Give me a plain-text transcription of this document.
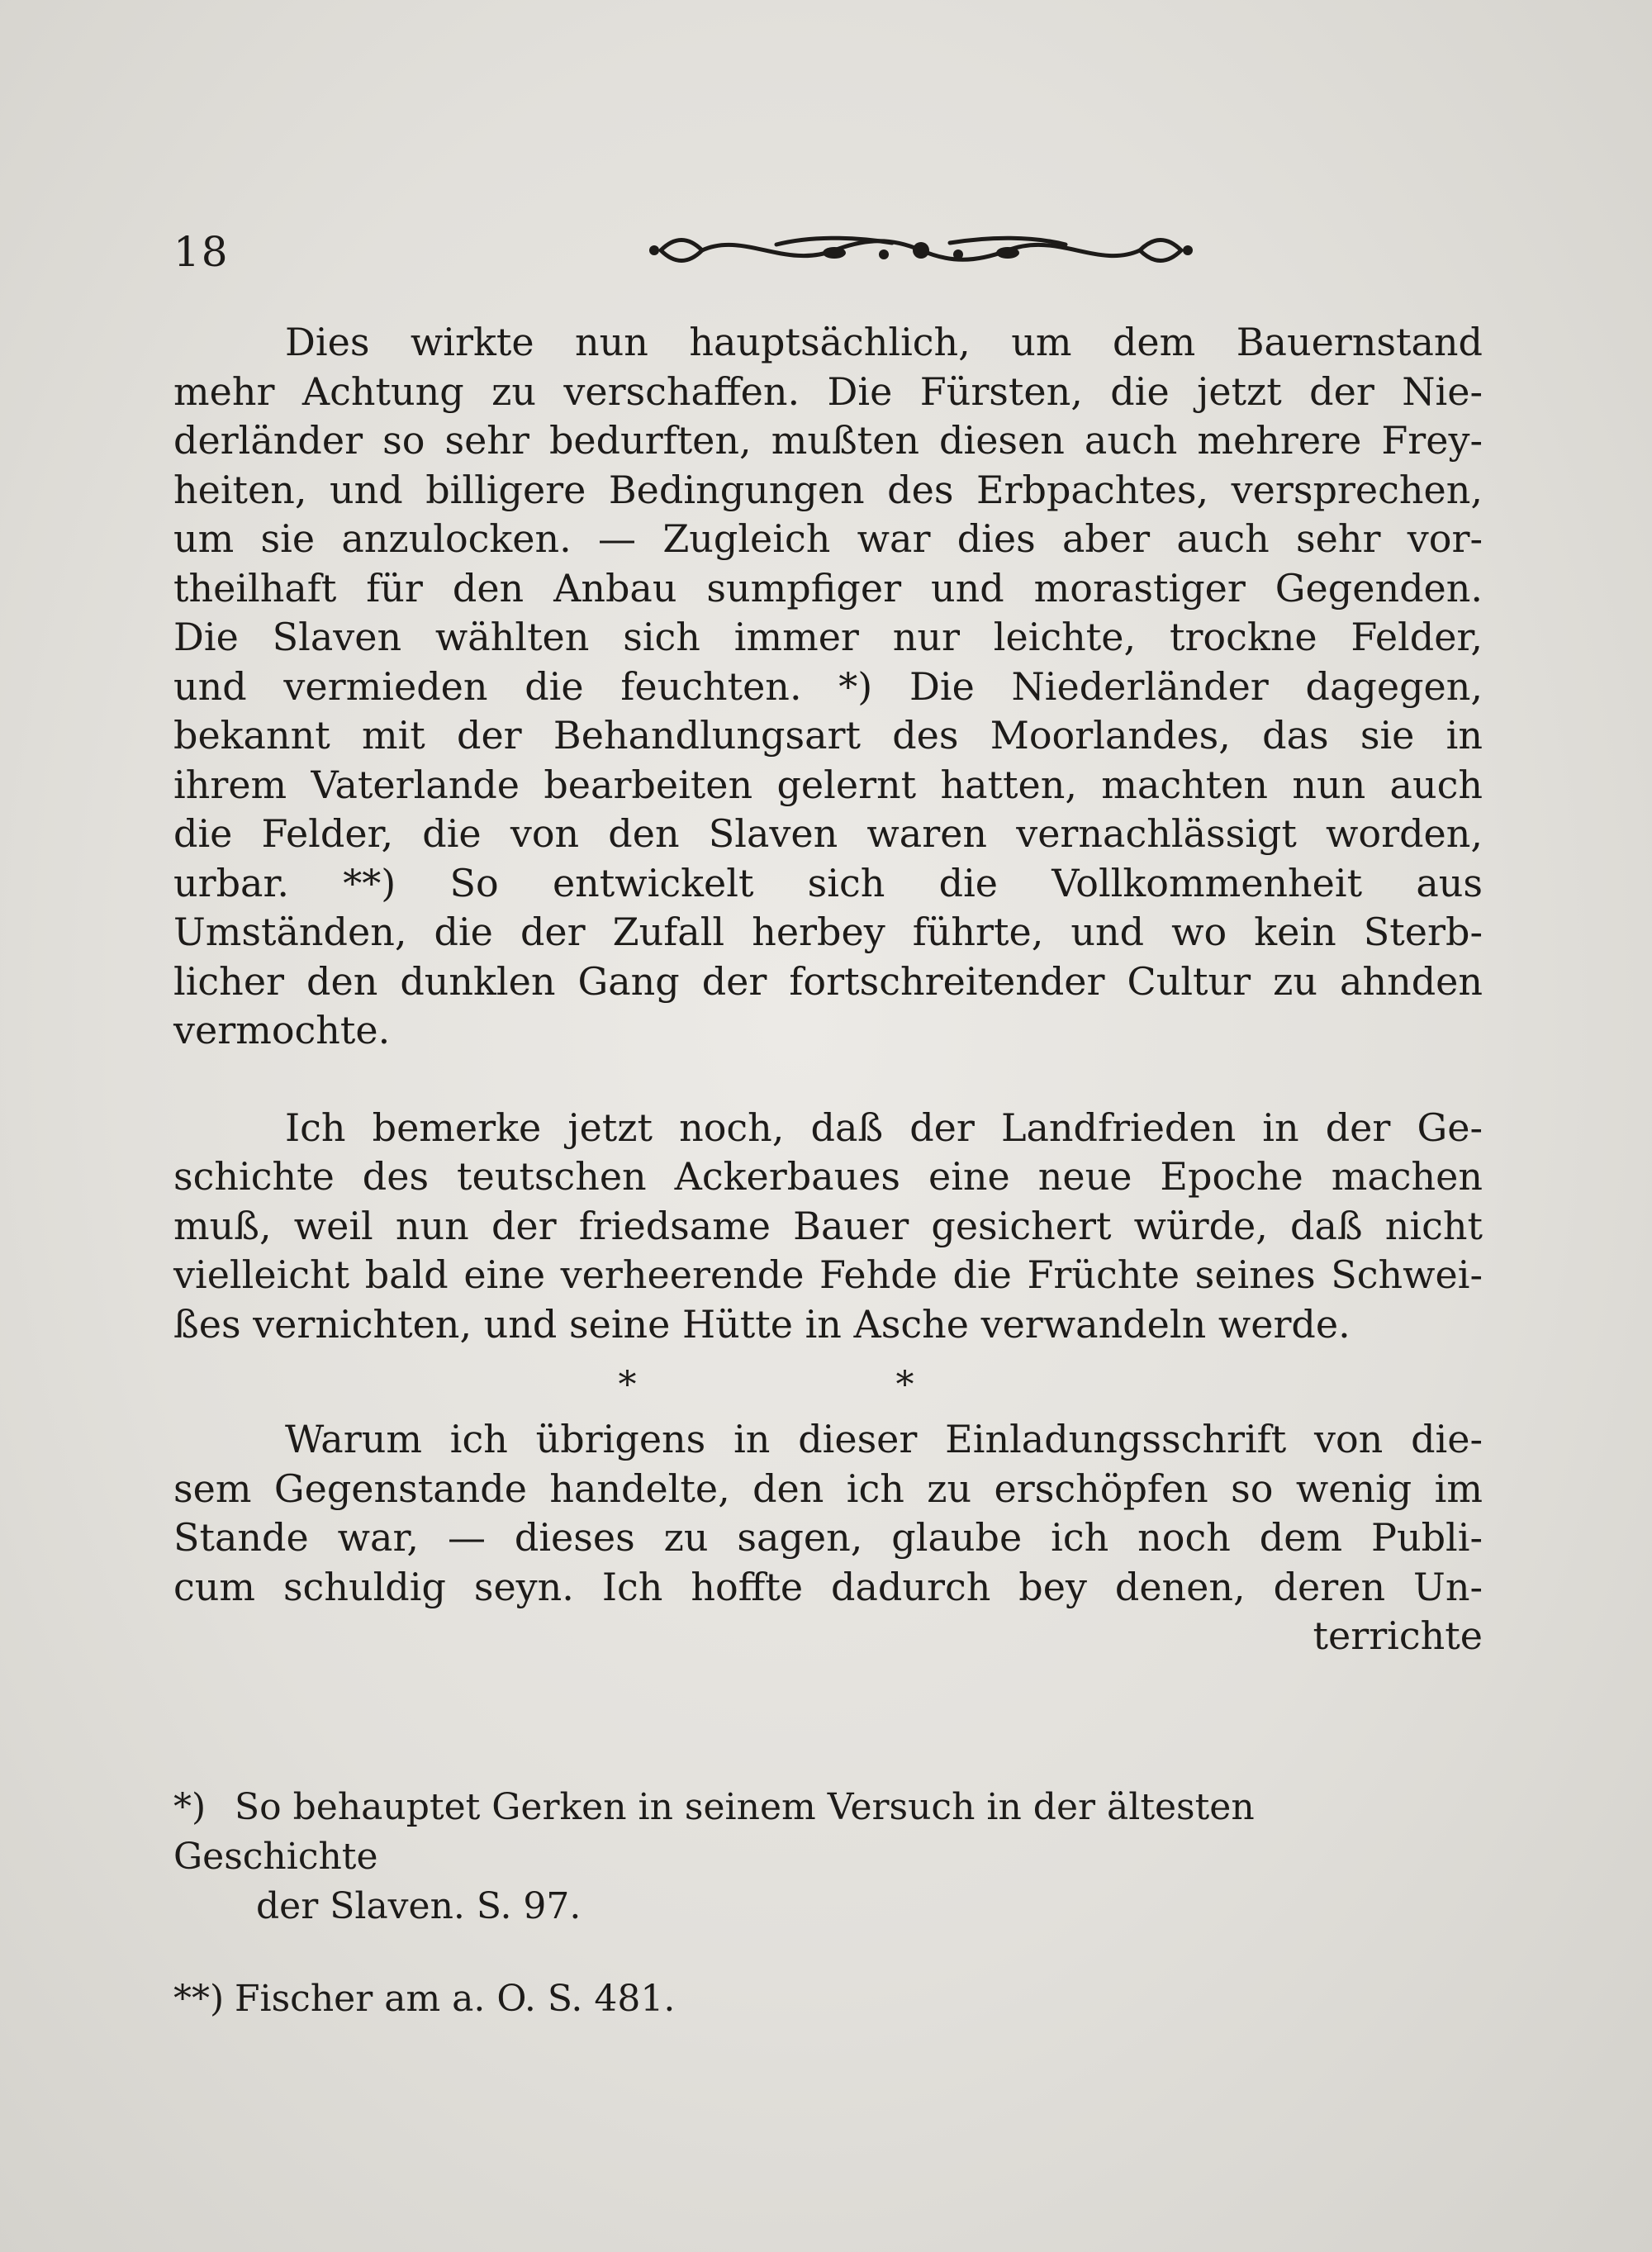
18
Dies wirkte nun hauptsächlich, um dem Bauernstand
mehr Achtung zu verschaffen. Die Fürsten, die jetzt der Nie-
derländer so sehr bedurften, mußten diesen auch mehrere Frey-
heiten, und billigere Bedingungen des Erbpachtes, versprechen,
um sie anzulocken. — Zugleich war dies aber auch sehr vor-
theilhaft für den Anbau sumpfiger und morastiger Gegenden.
Die Slaven wählten sich immer nur leichte, trockne Felder,
und vermieden die feuchten. *) Die Niederländer dagegen,
bekannt mit der Behandlungsart des Moorlandes, das sie in
ihrem Vaterlande bearbeiten gelernt hatten, machten nun auch
die Felder, die von den Slaven waren vernachlässigt worden,
urbar. **) So entwickelt sich die Vollkommenheit aus
Umständen, die der Zufall herbey führte, und wo kein Sterb-
licher den dunklen Gang der fortschreitender Cultur zu ahnden
vermochte.
Ich bemerke jetzt noch, daß der Landfrieden in der Ge-
schichte des teutschen Ackerbaues eine neue Epoche machen
muß, weil nun der friedsame Bauer gesichert würde, daß nicht
vielleicht bald eine verheerende Fehde die Früchte seines Schwei-
ßes vernichten, und seine Hütte in Asche verwandeln werde.
* *
Warum ich übrigens in dieser Einladungsschrift von die-
sem Gegenstande handelte, den ich zu erschöpfen so wenig im
Stande war, — dieses zu sagen, glaube ich noch dem Publi-
cum schuldig seyn. Ich hoffte dadurch bey denen, deren Un-
terrichte
*) So behauptet Gerken in seinem Versuch in der ältesten Geschichte
der Slaven. S. 97.
**) Fischer am a. O. S. 481.
